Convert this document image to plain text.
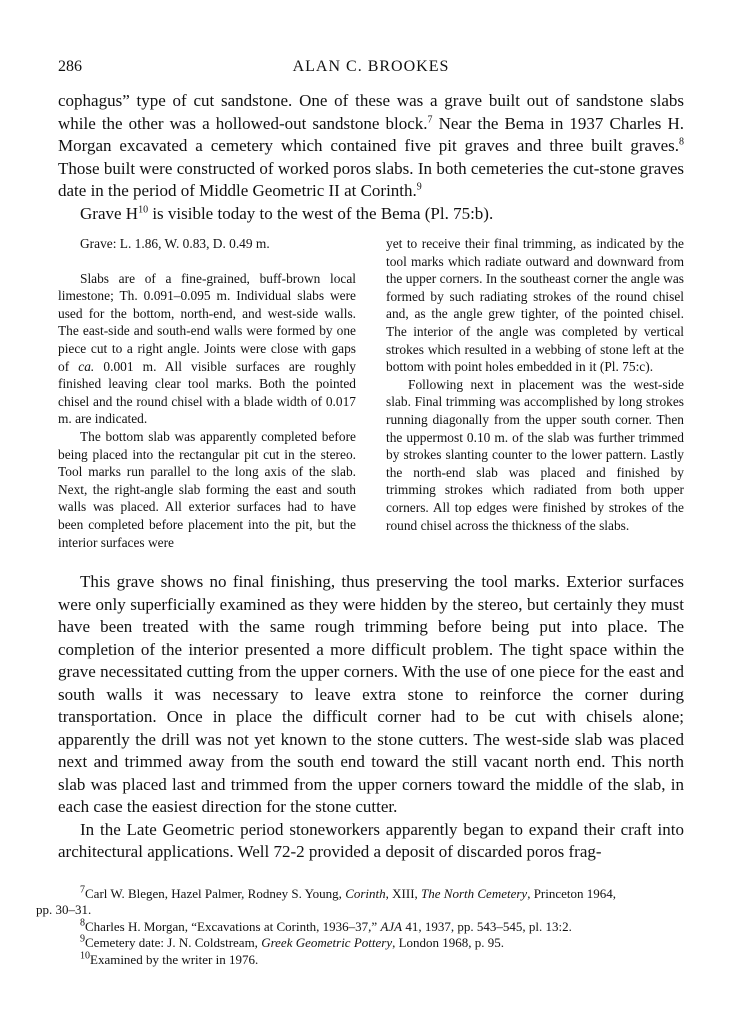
286	ALAN C. BROOKES

cophagus” type of cut sandstone. One of these was a grave built out of sandstone slabs while the other was a hollowed-out sandstone block.$^7$ Near the Bema in 1937 Charles H. Morgan excavated a cemetery which contained five pit graves and three built graves.$^8$ Those built were constructed of worked poros slabs. In both cemeteries the cut-stone graves date in the period of Middle Geometric II at Corinth.$^9$

Grave $H^{10}$ is visible today to the west of the Bema (Pl. 75:b).

Grave: L. 1.86, W. 0.83, D. 0.49 m.

Slabs are of a fine-grained, buff-brown local limestone; Th. 0.091–0.095 m. Individual slabs were used for the bottom, north-end, and west-side walls. The east-side and south-end walls were formed by one piece cut to a right angle. Joints were close with gaps of ca. 0.001 m. All visible surfaces are roughly finished leaving clear tool marks. Both the pointed chisel and the round chisel with a blade width of 0.017 m. are indicated.

The bottom slab was apparently completed before being placed into the rectangular pit cut in the stereo. Tool marks run parallel to the long axis of the slab. Next, the right-angle slab forming the east and south walls was placed. All exterior surfaces had to have been completed before placement into the pit, but the interior surfaces were

yet to receive their final trimming, as indicated by the tool marks which radiate outward and downward from the upper corners. In the southeast corner the angle was formed by such radiating strokes of the round chisel and, as the angle grew tighter, of the pointed chisel. The interior of the angle was completed by vertical strokes which resulted in a webbing of stone left at the bottom with point holes embedded in it (Pl. 75:c).

Following next in placement was the west-side slab. Final trimming was accomplished by long strokes running diagonally from the upper south corner. Then the uppermost 0.10 m. of the slab was further trimmed by strokes slanting counter to the lower pattern. Lastly the north-end slab was placed and finished by trimming strokes which radiated from both upper corners. All top edges were finished by strokes of the round chisel across the thickness of the slabs.

This grave shows no final finishing, thus preserving the tool marks. Exterior surfaces were only superficially examined as they were hidden by the stereo, but certainly they must have been treated with the same rough trimming before being put into place. The completion of the interior presented a more difficult problem. The tight space within the grave necessitated cutting from the upper corners. With the use of one piece for the east and south walls it was necessary to leave extra stone to reinforce the corner during transportation. Once in place the difficult corner had to be cut with chisels alone; apparently the drill was not yet known to the stone cutters. The west-side slab was placed next and trimmed away from the south end toward the still vacant north end. This north slab was placed last and trimmed from the upper corners toward the middle of the slab, in each case the easiest direction for the stone cutter.

In the Late Geometric period stoneworkers apparently began to expand their craft into architectural applications. Well 72-2 provided a deposit of discarded poros frag-

$^7$Carl W. Blegen, Hazel Palmer, Rodney S. Young, Corinth, XIII, The North Cemetery, Princeton 1964,
pp. 30–31.

$^8$Charles H. Morgan, “Excavations at Corinth, 1936–37,” AJA 41, 1937, pp. 543–545, pl. 13:2.

$^9$Cemetery date: J. N. Coldstream, Greek Geometric Pottery, London 1968, p. 95.

$^{10}$Examined by the writer in 1976.
